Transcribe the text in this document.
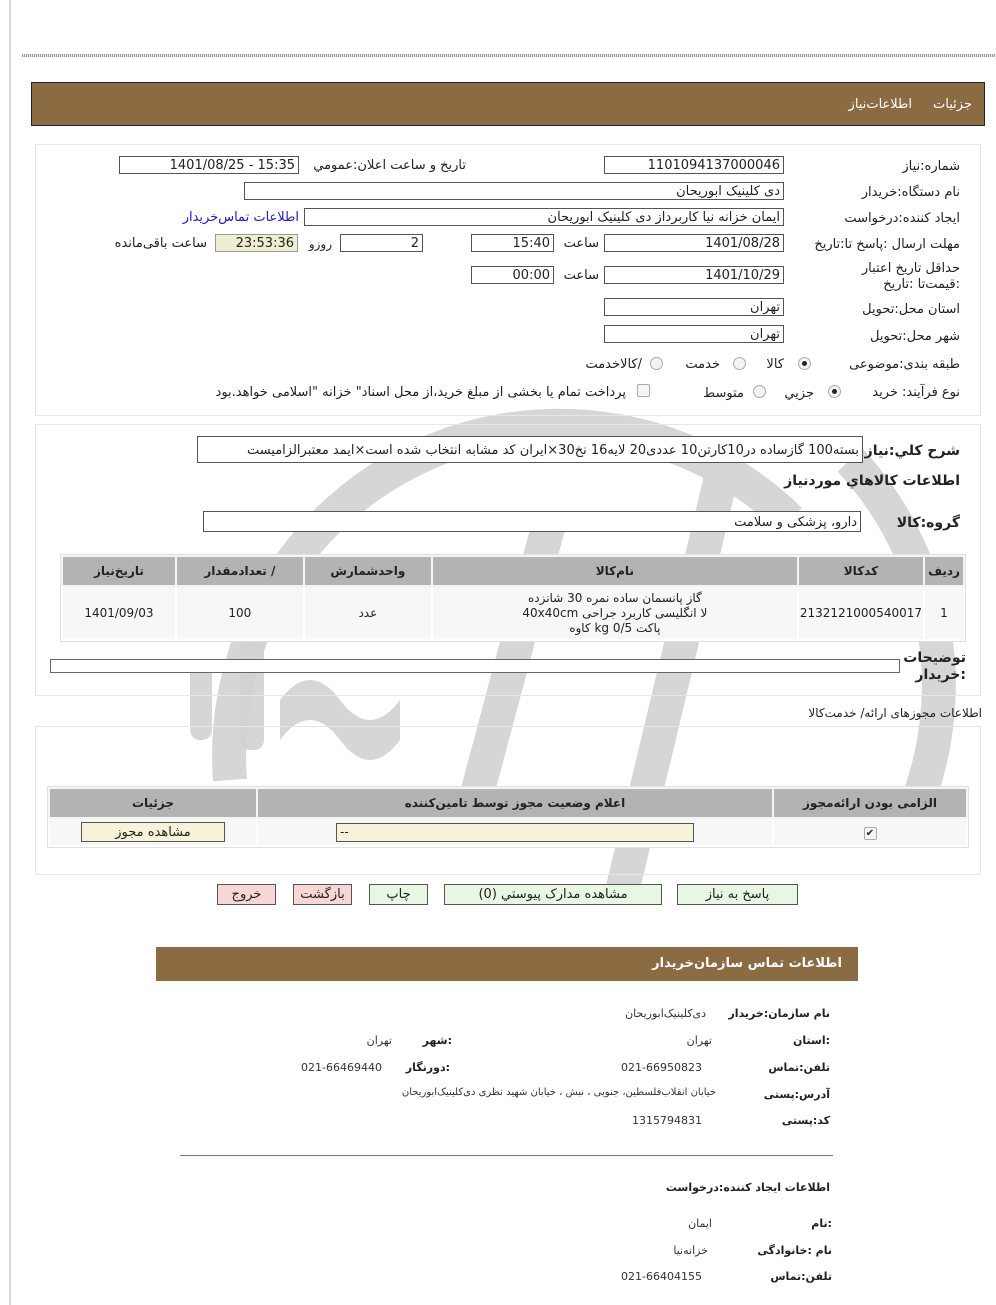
جزئیات
اطلاعات‌نیاز
شماره:نیاز
1101094137000046
تاریخ و ساعت اعلان:عمومي
1401/08/25 - 15:35
نام دستگاه:خریدار
دی کلینیک ابوریحان
ایجاد کننده:درخواست
ایمان خزانه نیا کاربرداز دی کلینیک ابوریحان
اطلاعات تماس‌خریدار
مهلت ارسال :پاسخ تا:تاریخ
1401/08/28
ساعت
15:40
2
روزو
23:53:36
ساعت باقی‌مانده
حداقل تاریخ اعتبار :قیمت‌تا :تاریخ
1401/10/29
ساعت
00:00
استان محل:تحویل
تهران
شهر محل:تحویل
تهران
طبقه بندی:موضوعی
کالا
خدمت
/کالاخدمت
نوع فرآیند: خرید
جزيي
متوسط
پرداخت تمام یا بخشی از مبلغ خرید،از محل اسناد" خزانه "اسلامی خواهد.بود
شرح کلي:نياز
بسته100 گازساده در10کارتن10 عددی20 لایه16 نخ30×ایران کد مشابه انتخاب شده است×ایمد معتبرالزامیست
اطلاعات کالاهاي موردنياز
گروه:کالا
دارو، پزشکی و سلامت
رديف	کدکالا	نام‌کالا	واحدشمارش	/ تعدادمقدار	تاريخ‌نياز
1	2132121000540017	گاز پانسمان ساده نمره 30 شانزده
لا انگلیسی کاربرد جراحی 40x40cm
پاکت 0/5 kg کاوه	عدد	100	1401/09/03
توضیحات
:خریدار
اطلاعات مجوزهای ارائه/ خدمت‌کالا
الزامی بودن ارائه‌مجوز	اعلام وضعیت مجوز توسط تامین‌کننده	جزئیات
✔	--	مشاهده مجوز
پاسخ به نیاز
مشاهده مدارک پیوستي (0)
چاپ
بازگشت
خروج
اطلاعات تماس سازمان‌خریدار
نام سازمان:خریدار
دی‌کلینیک‌ابوریحان
:استان
تهران
:شهر
تهران
تلفن:تماس
021-66950823
:دورنگار
021-66469440
آدرس:پستی
خیابان انقلاب‌فلسطین، جنوبی ، نبش ، خیابان شهید نظری دی‌کلینیک‌ابوریحان
کد:پستی
1315794831
اطلاعات ایجاد کننده:درخواست
:نام
ایمان
نام :خانوادگی
خزانه‌نیا
تلفن:تماس
021-66404155
